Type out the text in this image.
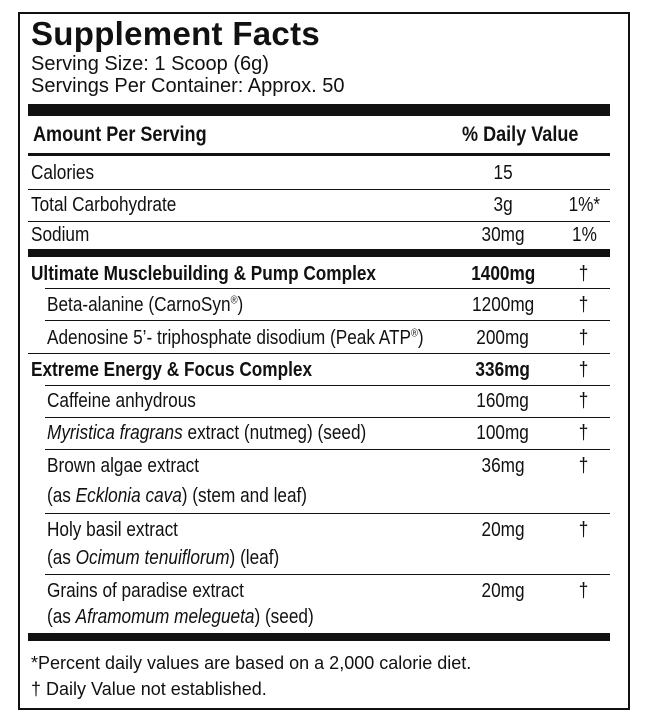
Supplement Facts
Serving Size: 1 Scoop (6g)
Servings Per Container: Approx. 50
Amount Per Serving	% Daily Value
Calories	15
Total Carbohydrate	3g	1%*
Sodium	30mg	1%
Ultimate Musclebuilding & Pump Complex	1400mg	†
Beta-alanine (CarnoSyn®)	1200mg	†
Adenosine 5’- triphosphate disodium (Peak ATP®)	200mg	†
Extreme Energy & Focus Complex	336mg	†
Caffeine anhydrous	160mg	†
Myristica fragrans extract (nutmeg) (seed)	100mg	†
Brown algae extract	36mg	†
(as Ecklonia cava) (stem and leaf)
Holy basil extract	20mg	†
(as Ocimum tenuiflorum) (leaf)
Grains of paradise extract	20mg	†
(as Aframomum melegueta) (seed)
*Percent daily values are based on a 2,000 calorie diet.
† Daily Value not established.
